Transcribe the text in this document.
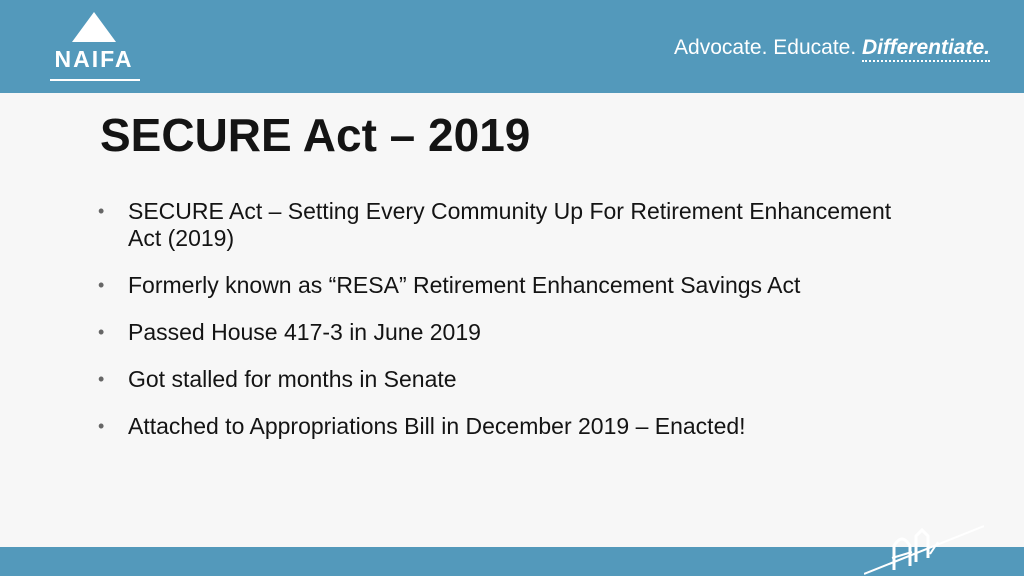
NAIFA	Advocate. Educate. Differentiate.
SECURE Act – 2019
•	SECURE Act – Setting Every Community Up For Retirement Enhancement Act (2019)
•	Formerly known as “RESA” Retirement Enhancement Savings Act
•	Passed House 417-3 in June 2019
•	Got stalled for months in Senate
•	Attached to Appropriations Bill in December 2019 – Enacted!
